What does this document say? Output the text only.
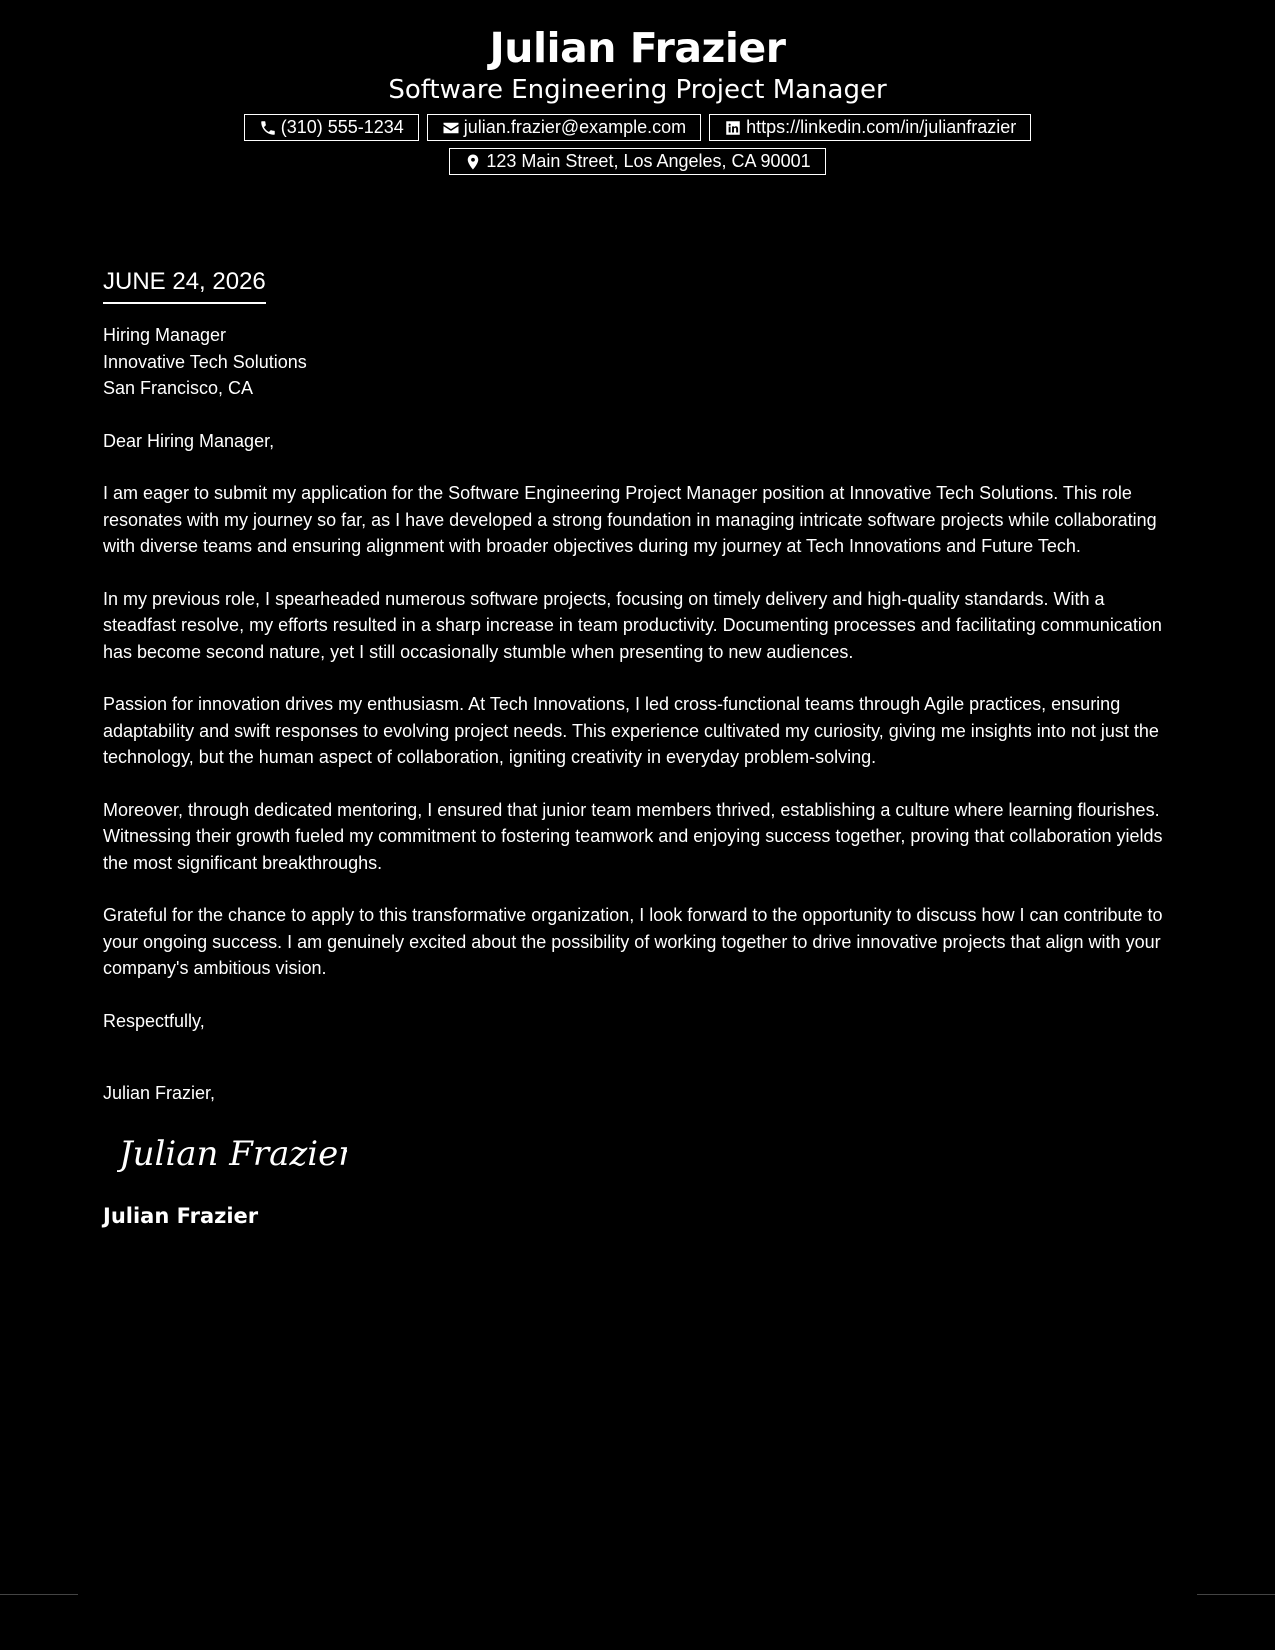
Julian Frazier
Software Engineering Project Manager
(310) 555-1234	julian.frazier@example.com	https://linkedin.com/in/julianfrazier
123 Main Street, Los Angeles, CA 90001
JUNE 24, 2026

Hiring Manager

Innovative Tech Solutions

San Francisco, CA

Dear Hiring Manager,

I am eager to submit my application for the Software Engineering Project Manager position at Innovative Tech Solutions. This role resonates with my journey so far, as I have developed a strong foundation in managing intricate software projects while collaborating with diverse teams and ensuring alignment with broader objectives during my journey at Tech Innovations and Future Tech.

In my previous role, I spearheaded numerous software projects, focusing on timely delivery and high-quality standards. With a steadfast resolve, my efforts resulted in a sharp increase in team productivity. Documenting processes and facilitating communication has become second nature, yet I still occasionally stumble when presenting to new audiences.

Passion for innovation drives my enthusiasm. At Tech Innovations, I led cross-functional teams through Agile practices, ensuring adaptability and swift responses to evolving project needs. This experience cultivated my curiosity, giving me insights into not just the technology, but the human aspect of collaboration, igniting creativity in everyday problem-solving.

Moreover, through dedicated mentoring, I ensured that junior team members thrived, establishing a culture where learning flourishes. Witnessing their growth fueled my commitment to fostering teamwork and enjoying success together, proving that collaboration yields the most significant breakthroughs.

Grateful for the chance to apply to this transformative organization, I look forward to the opportunity to discuss how I can contribute to your ongoing success. I am genuinely excited about the possibility of working together to drive innovative projects that align with your company's ambitious vision.

Respectfully,
Julian Frazier,
Julian Frazier
Julian Frazier
